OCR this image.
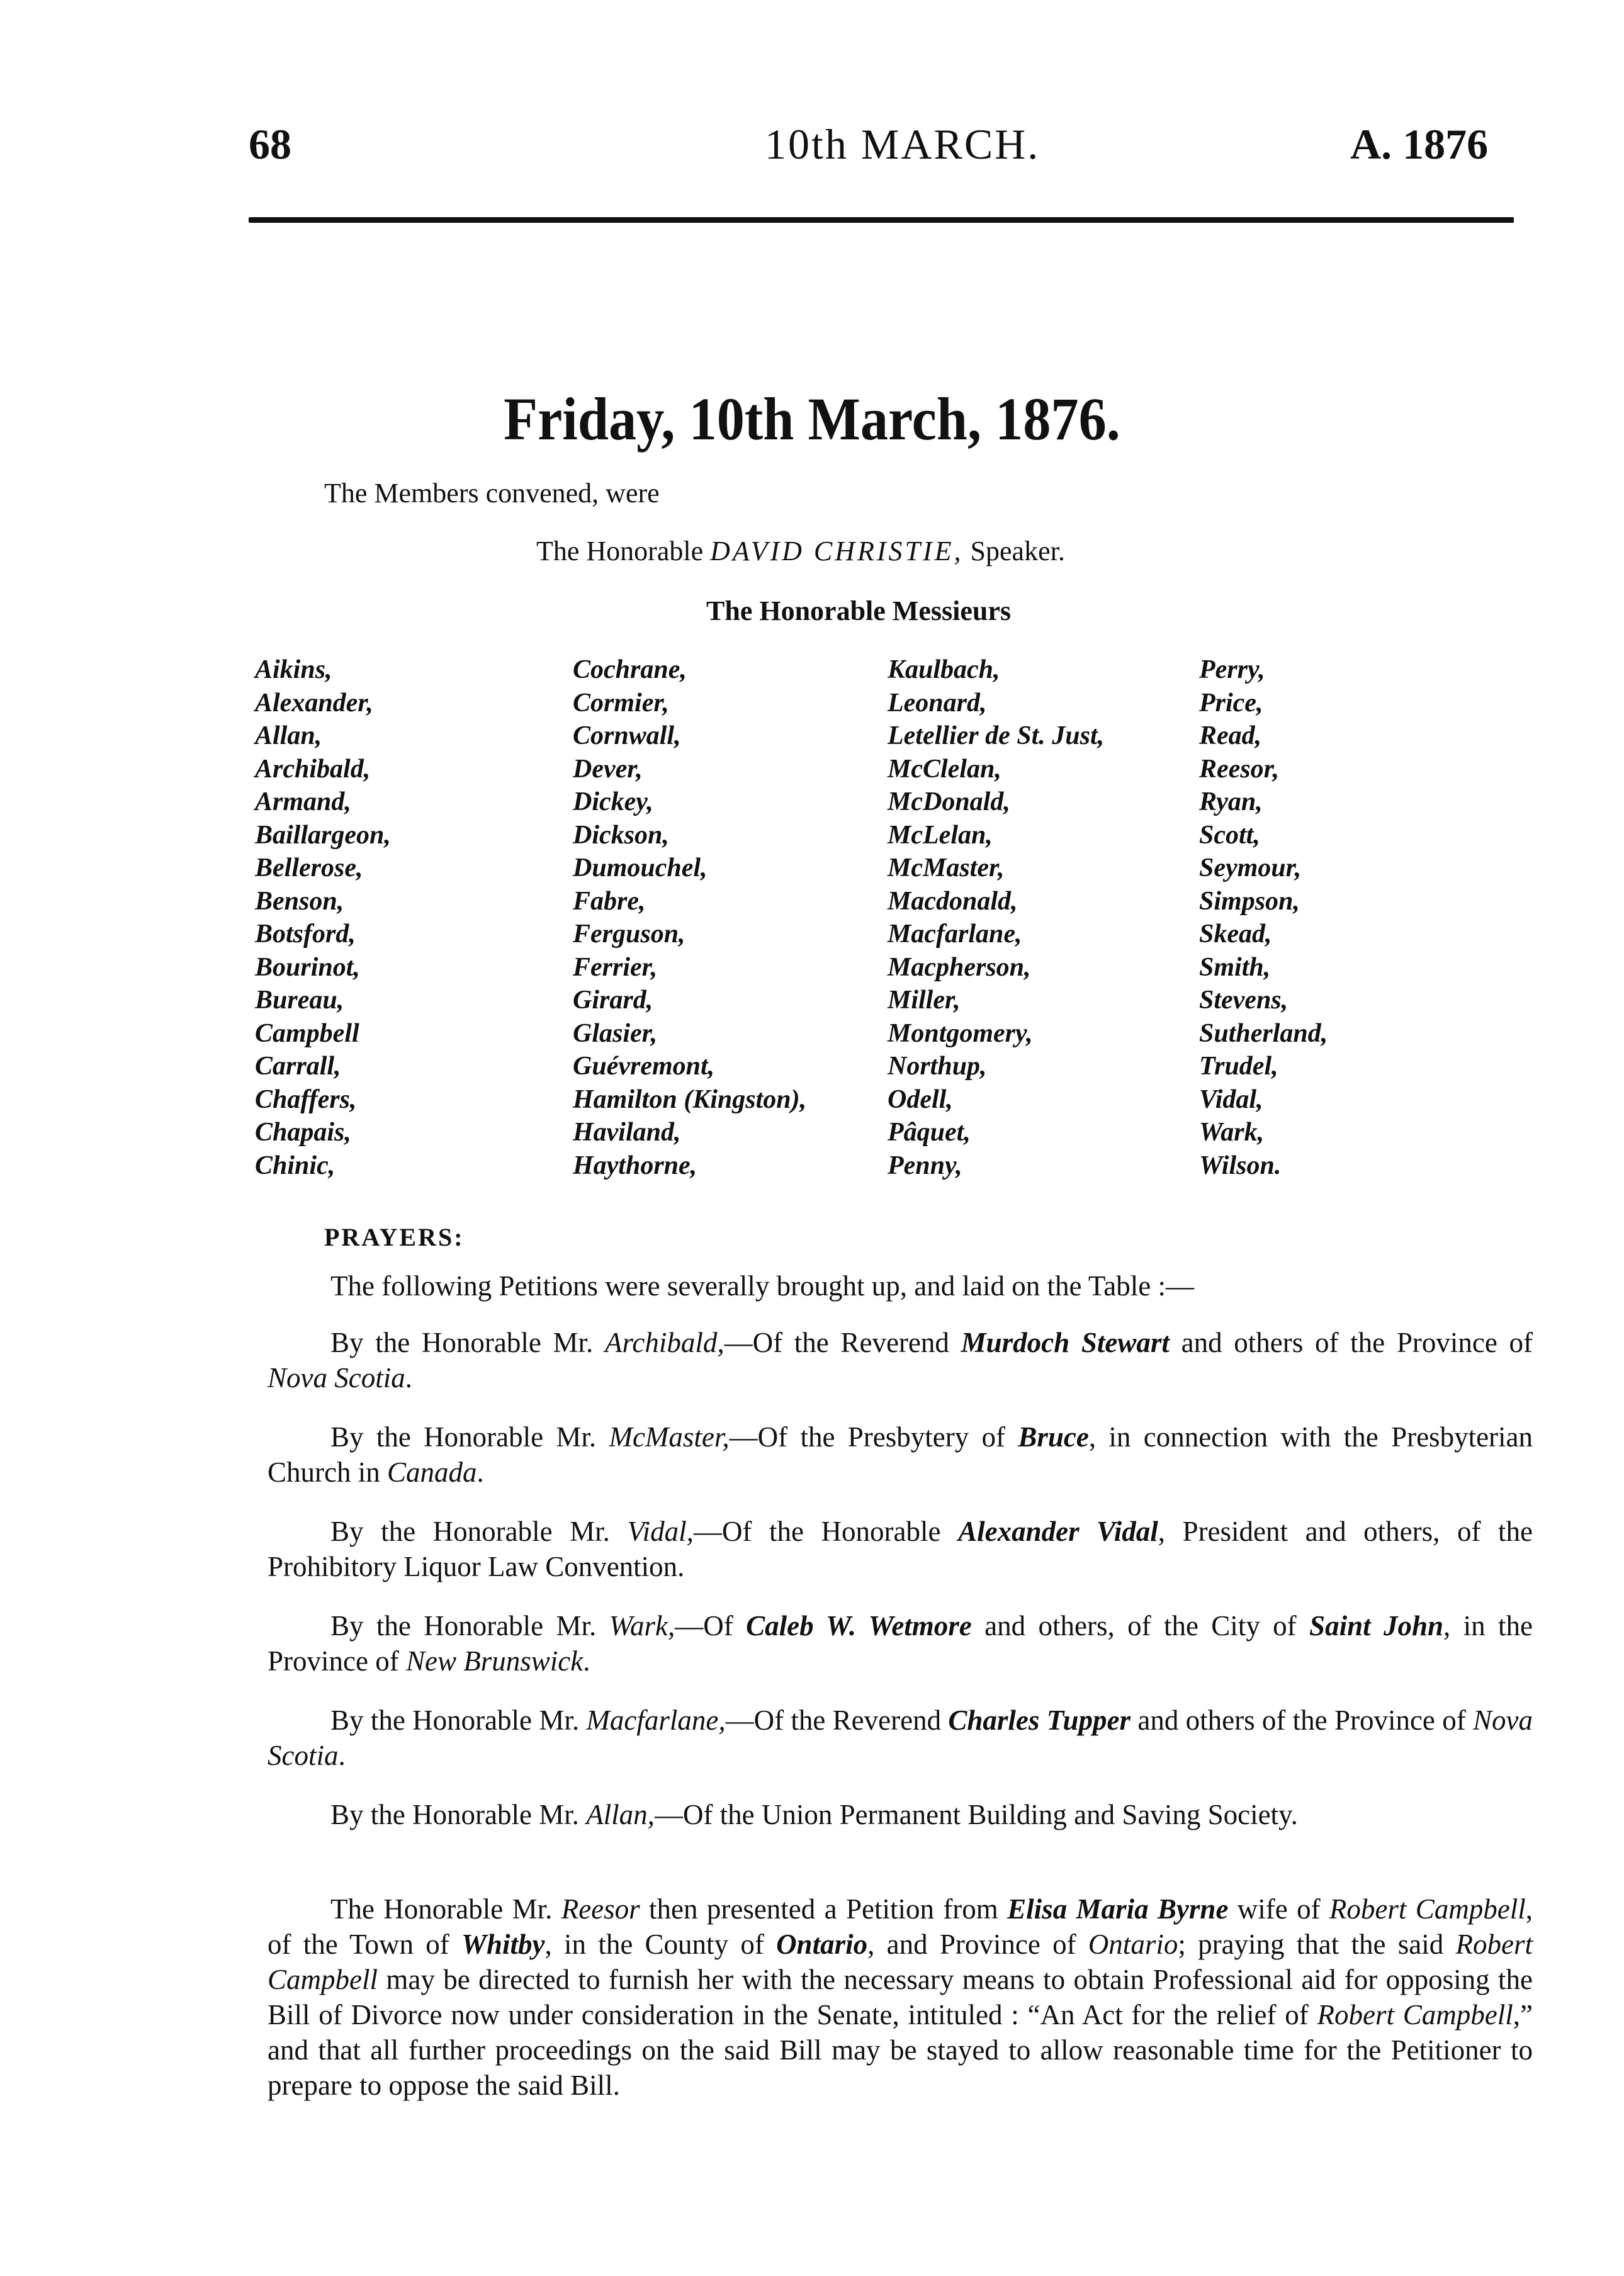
68	10th MARCH.	A. 1876
Friday, 10th March, 1876.
The Members convened, were
The Honorable DAVID CHRISTIE, Speaker.
The Honorable Messieurs
Aikins,
Alexander,
Allan,
Archibald,
Armand,
Baillargeon,
Bellerose,
Benson,
Botsford,
Bourinot,
Bureau,
Campbell
Carrall,
Chaffers,
Chapais,
Chinic,
Cochrane,
Cormier,
Cornwall,
Dever,
Dickey,
Dickson,
Dumouchel,
Fabre,
Ferguson,
Ferrier,
Girard,
Glasier,
Guévremont,
Hamilton (Kingston),
Haviland,
Haythorne,
Kaulbach,
Leonard,
Letellier de St. Just,
McClelan,
McDonald,
McLelan,
McMaster,
Macdonald,
Macfarlane,
Macpherson,
Miller,
Montgomery,
Northup,
Odell,
Pâquet,
Penny,
Perry,
Price,
Read,
Reesor,
Ryan,
Scott,
Seymour,
Simpson,
Skead,
Smith,
Stevens,
Sutherland,
Trudel,
Vidal,
Wark,
Wilson.
PRAYERS:
The following Petitions were severally brought up, and laid on the Table :—
By the Honorable Mr. Archibald,—Of the Reverend Murdoch Stewart and others of the Province of Nova Scotia.
By the Honorable Mr. McMaster,—Of the Presbytery of Bruce, in connection with the Presbyterian Church in Canada.
By the Honorable Mr. Vidal,—Of the Honorable Alexander Vidal, President and others, of the Prohibitory Liquor Law Convention.
By the Honorable Mr. Wark,—Of Caleb W. Wetmore and others, of the City of Saint John, in the Province of New Brunswick.
By the Honorable Mr. Macfarlane,—Of the Reverend Charles Tupper and others of the Province of Nova Scotia.
By the Honorable Mr. Allan,—Of the Union Permanent Building and Saving Society.
The Honorable Mr. Reesor then presented a Petition from Elisa Maria Byrne wife of Robert Campbell, of the Town of Whitby, in the County of Ontario, and Province of Ontario; praying that the said Robert Campbell may be directed to furnish her with the necessary means to obtain Professional aid for opposing the Bill of Divorce now under consideration in the Senate, intituled : “An Act for the relief of Robert Campbell,” and that all further proceedings on the said Bill may be stayed to allow reasonable time for the Petitioner to prepare to oppose the said Bill.
